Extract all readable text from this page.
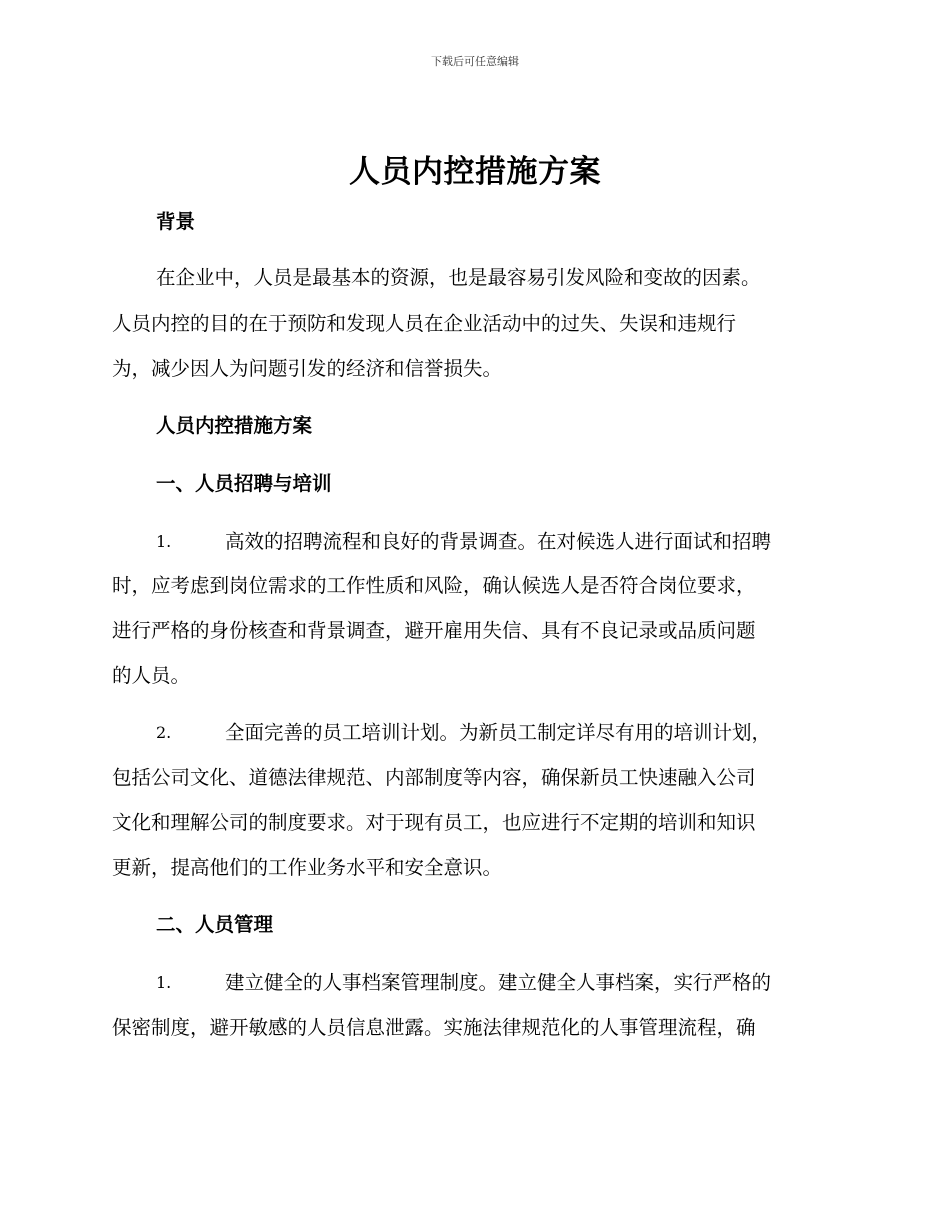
下载后可任意编辑
人员内控措施方案
背景
在企业中，人员是最基本的资源，也是最容易引发风险和变故的因素。
人员内控的目的在于预防和发现人员在企业活动中的过失、失误和违规行
为，减少因人为问题引发的经济和信誉损失。
人员内控措施方案
一、人员招聘与培训
1.	高效的招聘流程和良好的背景调查。在对候选人进行面试和招聘
时，应考虑到岗位需求的工作性质和风险，确认候选人是否符合岗位要求，
进行严格的身份核查和背景调查，避开雇用失信、具有不良记录或品质问题
的人员。
2.	全面完善的员工培训计划。为新员工制定详尽有用的培训计划，
包括公司文化、道德法律规范、内部制度等内容，确保新员工快速融入公司
文化和理解公司的制度要求。对于现有员工，也应进行不定期的培训和知识
更新，提高他们的工作业务水平和安全意识。
二、人员管理
1.	建立健全的人事档案管理制度。建立健全人事档案，实行严格的
保密制度，避开敏感的人员信息泄露。实施法律规范化的人事管理流程，确
